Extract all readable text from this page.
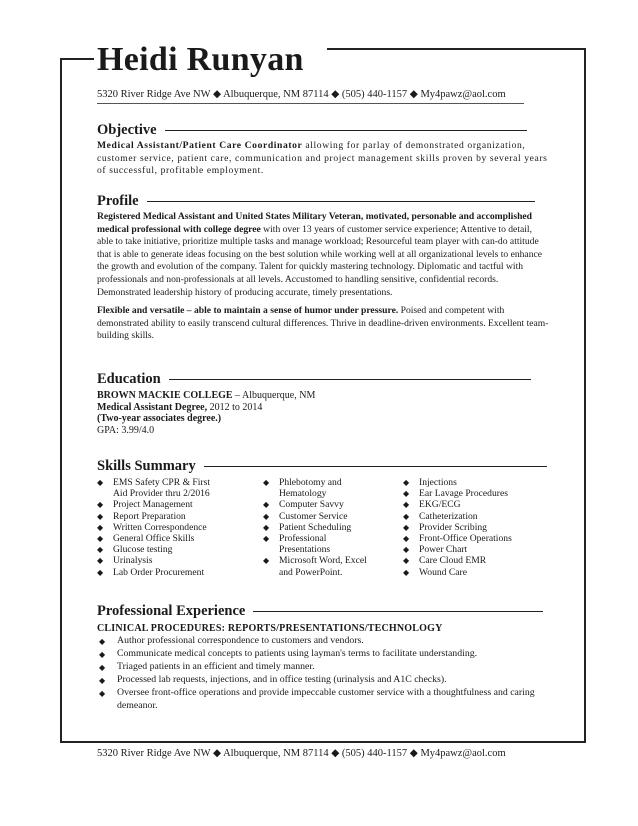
Heidi Runyan
5320 River Ridge Ave NW ◆ Albuquerque, NM 87114 ◆ (505) 440-1157 ◆ My4pawz@aol.com
Objective

Medical Assistant/Patient Care Coordinator allowing for parlay of demonstrated organization, customer service, patient care, communication and project management skills proven by several years of successful, profitable employment.

Profile

Registered Medical Assistant and United States Military Veteran, motivated, personable and accomplished medical professional with college degree with over 13 years of customer service experience; Attentive to detail, able to take initiative, prioritize multiple tasks and manage workload; Resourceful team player with can-do attitude that is able to generate ideas focusing on the best solution while working well at all organizational levels to enhance the growth and evolution of the company. Talent for quickly mastering technology. Diplomatic and tactful with professionals and non-professionals at all levels. Accustomed to handling sensitive, confidential records. Demonstrated leadership history of producing accurate, timely presentations.

Flexible and versatile – able to maintain a sense of humor under pressure. Poised and competent with demonstrated ability to easily transcend cultural differences. Thrive in deadline-driven environments. Excellent team-building skills.

Education

BROWN MACKIE COLLEGE – Albuquerque, NM

Medical Assistant Degree, 2012 to 2014

(Two-year associates degree.)

GPA: 3.99/4.0

Skills Summary
◆ EMS Safety CPR & First
Aid Provider thru 2/2016
◆ Project Management
◆ Report Preparation
◆ Written Correspondence
◆ General Office Skills
◆ Glucose testing
◆ Urinalysis
◆ Lab Order Procurement
◆ Phlebotomy and
Hematology
◆ Computer Savvy
◆ Customer Service
◆ Patient Scheduling
◆ Professional
Presentations
◆ Microsoft Word, Excel
and PowerPoint.
◆ Injections
◆ Ear Lavage Procedures
◆ EKG/ECG
◆ Catheterization
◆ Provider Scribing
◆ Front-Office Operations
◆ Power Chart
◆ Care Cloud EMR
◆ Wound Care
Professional Experience

CLINICAL PROCEDURES: REPORTS/PRESENTATIONS/TECHNOLOGY

◆ Author professional correspondence to customers and vendors.
◆ Communicate medical concepts to patients using layman's terms to facilitate understanding.
◆ Triaged patients in an efficient and timely manner.
◆ Processed lab requests, injections, and in office testing (urinalysis and A1C checks).
◆ Oversee front-office operations and provide impeccable customer service with a thoughtfulness and caring demeanor.
5320 River Ridge Ave NW ◆ Albuquerque, NM 87114 ◆ (505) 440-1157 ◆ My4pawz@aol.com
